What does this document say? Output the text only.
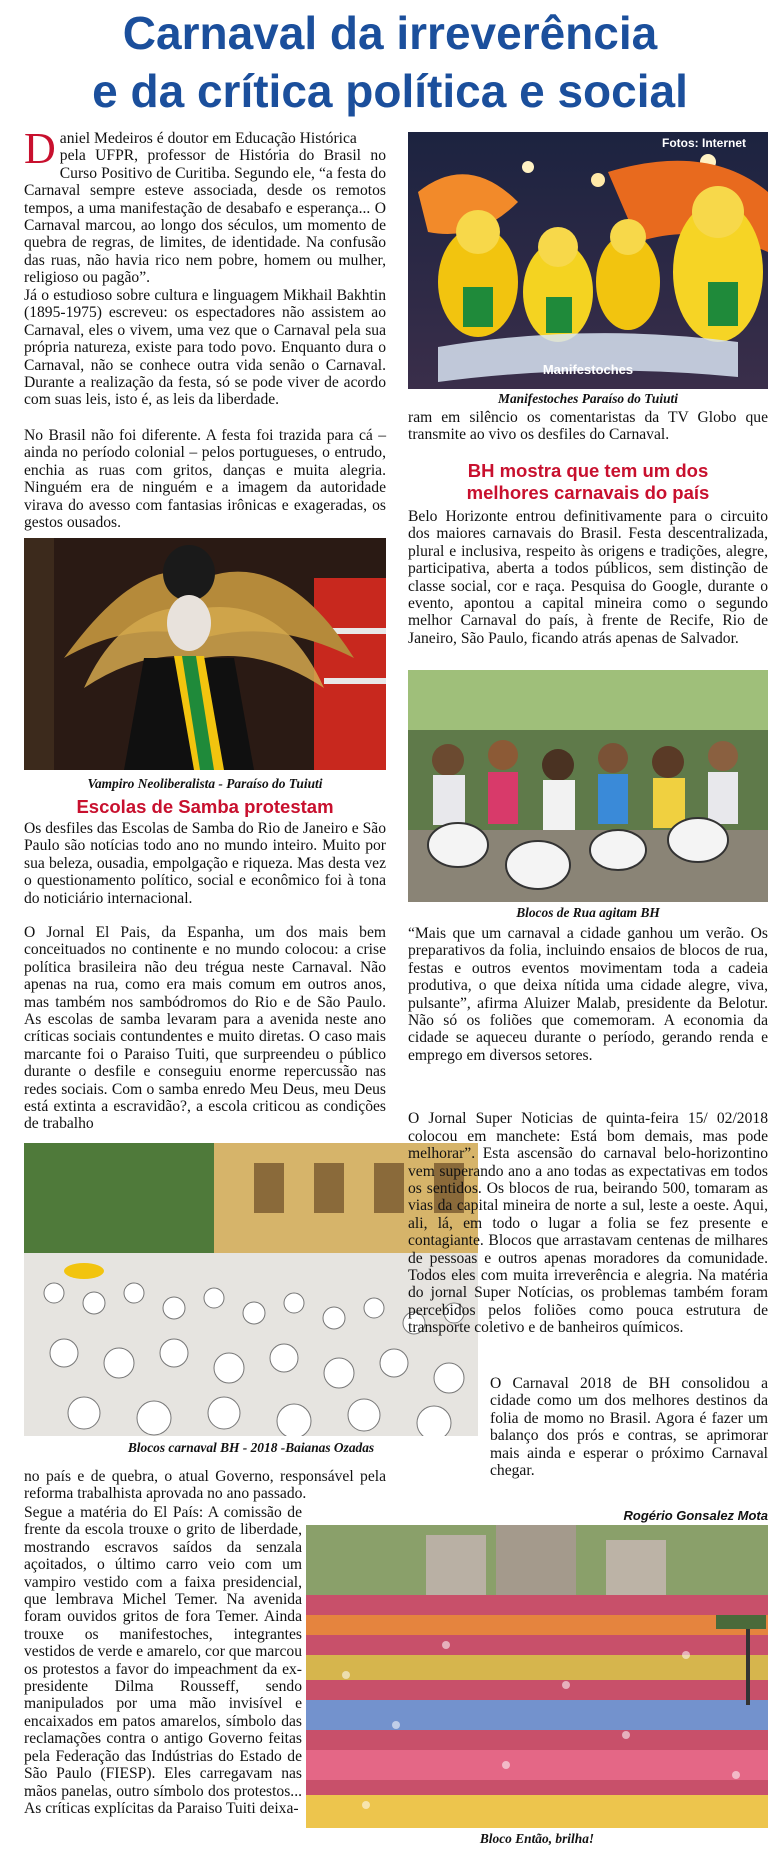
Carnaval da irreverência
e da crítica política e social
Daniel Medeiros é doutor em Educação Histórica
pela UFPR, professor de História do Brasil no Curso Positivo de Curitiba. Segundo ele, “a festa do Carnaval sempre esteve associada, desde os remotos tempos, a uma manifestação de desabafo e esperança... O Carnaval marcou, ao longo dos séculos, um momento de quebra de regras, de limites, de identidade. Na confusão das ruas, não havia rico nem pobre, homem ou mulher, religioso ou pagão”.
Já o estudioso sobre cultura e linguagem Mikhail Bakhtin (1895-1975) escreveu: os espectadores não assistem ao Carnaval, eles o vivem, uma vez que o Carnaval pela sua própria natureza, existe para todo povo. Enquanto dura o Carnaval, não se conhece outra vida senão o Carnaval. Durante a realização da festa, só se pode viver de acordo com suas leis, isto é, as leis da liberdade.
No Brasil não foi diferente. A festa foi trazida para cá – ainda no período colonial – pelos portugueses, o entrudo, enchia as ruas com gritos, danças e muita alegria. Ninguém era de ninguém e a imagem da autoridade virava do avesso com fantasias irônicas e exageradas, os gestos ousados.
Manifestoches
Fotos: Internet
Manifestoches Paraíso do Tuiuti
ram em silêncio os comentaristas da TV Globo que transmite ao vivo os desfiles do Carnaval.
BH mostra que tem um dos
melhores carnavais do país
Belo Horizonte entrou definitivamente para o circuito dos maiores carnavais do Brasil. Festa descentralizada, plural e inclusiva, respeito às origens e tradições, alegre, participativa, aberta a todos públicos, sem distinção de classe social, cor e raça. Pesquisa do Google, durante o evento, apontou a capital mineira como o segundo melhor Carnaval do país, à frente de Recife, Rio de Janeiro, São Paulo, ficando atrás apenas de Salvador.
Vampiro Neoliberalista - Paraíso do Tuiuti
Escolas de Samba protestam
Os desfiles das Escolas de Samba do Rio de Janeiro e São Paulo são notícias todo ano no mundo inteiro. Muito por sua beleza, ousadia, empolgação e riqueza. Mas desta vez o questionamento político, social e econômico foi à tona do noticiário internacional.
O Jornal El Pais, da Espanha, um dos mais bem conceituados no continente e no mundo colocou: a crise política brasileira não deu trégua neste Carnaval. Não apenas na rua, como era mais comum em outros anos, mas também nos sambódromos do Rio e de São Paulo. As escolas de samba levaram para a avenida neste ano críticas sociais contundentes e muito diretas. O caso mais marcante foi o Paraiso Tuiti, que surpreendeu o público durante o desfile e conseguiu enorme repercussão nas redes sociais. Com o samba enredo Meu Deus, meu Deus está extinta a escravidão?, a escola criticou as condições de trabalho
Blocos de Rua agitam BH
“Mais que um carnaval a cidade ganhou um verão. Os preparativos da folia, incluindo ensaios de blocos de rua, festas e outros eventos movimentam toda a cadeia produtiva, o que deixa nítida uma cidade alegre, viva, pulsante”, afirma Aluizer Malab, presidente da Belotur. Não só os foliões que comemoram. A economia da cidade se aqueceu durante o período, gerando renda e emprego em diversos setores.
Blocos carnaval BH - 2018 -Baianas Ozadas

O Jornal Super Noticias de quinta-feira 15/ 02/2018 colocou em manchete: Está bom demais, mas pode melhorar”. Esta ascensão do carnaval belo-horizontino vem superando ano a ano todas as expectativas em todos os sentidos. Os blocos de rua, beirando 500, tomaram as vias da capital mineira de norte a sul, leste a oeste. Aqui, ali, lá, em todo o lugar a folia se fez presente e contagiante. Blocos que arrastavam centenas de milhares de pessoas e outros apenas moradores da comunidade. Todos eles com muita irreverência e alegria. Na matéria do jornal Super Notícias, os problemas também foram percebidos pelos foliões como pouca estrutura de transporte coletivo e de banheiros químicos.

O Carnaval 2018 de BH consolidou a cidade como um dos melhores destinos da folia de momo no Brasil. Agora é fazer um balanço dos prós e contras, se aprimorar mais ainda e esperar o próximo Carnaval chegar.
Rogério Gonsalez Mota
no país e de quebra, o atual Governo, responsável pela reforma trabalhista aprovada no ano passado.
Segue a matéria do El País: A comissão de frente da escola trouxe o grito de liberdade, mostrando escravos saídos da senzala açoitados, o último carro veio com um vampiro vestido com a faixa presidencial, que lembrava Michel Temer. Na avenida foram ouvidos gritos de fora Temer. Ainda trouxe os manifestoches, integrantes vestidos de verde e amarelo, cor que marcou os protestos a favor do impeachment da ex-presidente Dilma Rousseff, sendo manipulados por uma mão invisível e encaixados em patos amarelos, símbolo das reclamações contra o antigo Governo feitas pela Federação das Indústrias do Estado de São Paulo (FIESP). Eles carregavam nas mãos panelas, outro símbolo dos protestos... As críticas explícitas da Paraiso Tuiti deixa-
Bloco Então, brilha!
